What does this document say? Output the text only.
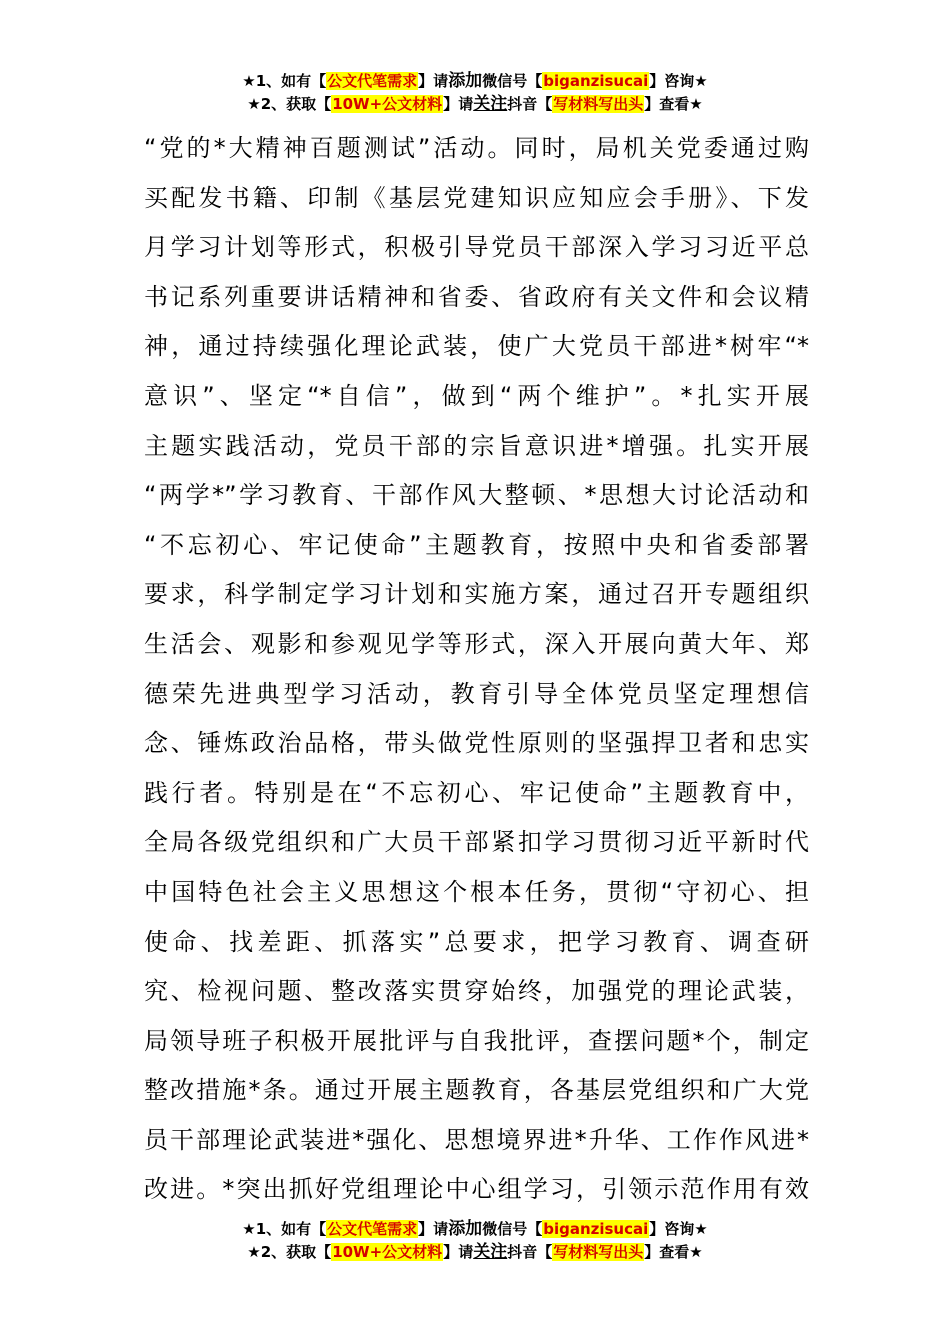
★1、如有【公文代笔需求】请添加微信号【biganzisucai】咨询★
★2、获取【10W+公文材料】请关注抖音【写材料写出头】查看★
“党的*大精神百题测试”活动。同时，局机关党委通过购
买配发书籍、印制《基层党建知识应知应会手册》、下发
月学习计划等形式，积极引导党员干部深入学习习近平总
书记系列重要讲话精神和省委、省政府有关文件和会议精
神，通过持续强化理论武装，使广大党员干部进*树牢“*
意识”、坚定“*自信”，做到“两个维护”。*扎实开展
主题实践活动，党员干部的宗旨意识进*增强。扎实开展
“两学*”学习教育、干部作风大整顿、*思想大讨论活动和
“不忘初心、牢记使命”主题教育，按照中央和省委部署
要求，科学制定学习计划和实施方案，通过召开专题组织
生活会、观影和参观见学等形式，深入开展向黄大年、郑
德荣先进典型学习活动，教育引导全体党员坚定理想信
念、锤炼政治品格，带头做党性原则的坚强捍卫者和忠实
践行者。特别是在“不忘初心、牢记使命”主题教育中，
全局各级党组织和广大员干部紧扣学习贯彻习近平新时代
中国特色社会主义思想这个根本任务，贯彻“守初心、担
使命、找差距、抓落实”总要求，把学习教育、调查研
究、检视问题、整改落实贯穿始终，加强党的理论武装，
局领导班子积极开展批评与自我批评，查摆问题*个，制定
整改措施*条。通过开展主题教育，各基层党组织和广大党
员干部理论武装进*强化、思想境界进*升华、工作作风进*
改进。*突出抓好党组理论中心组学习，引领示范作用有效
★1、如有【公文代笔需求】请添加微信号【biganzisucai】咨询★
★2、获取【10W+公文材料】请关注抖音【写材料写出头】查看★
